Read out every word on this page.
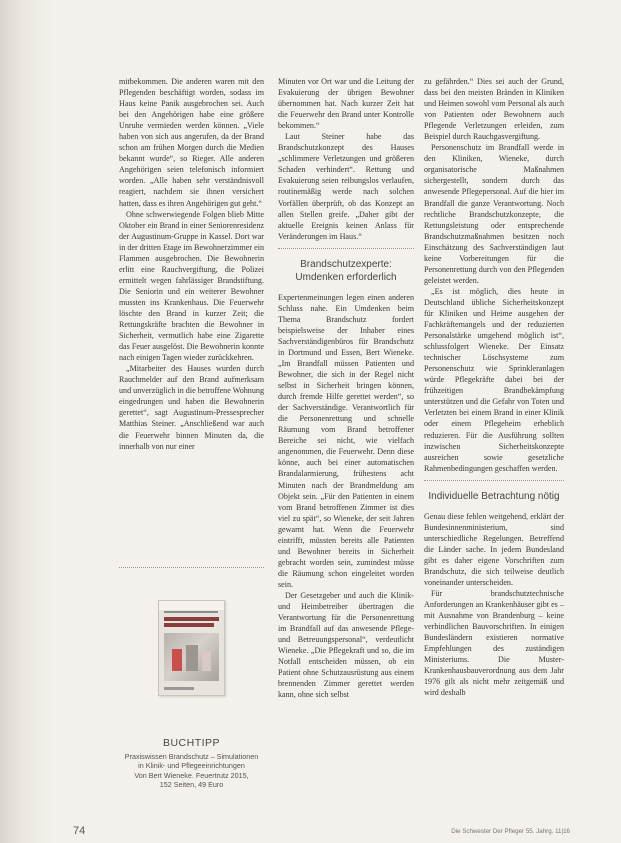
mitbekommen. Die anderen waren mit den Pflegenden beschäftigt worden, sodass im Haus keine Panik ausgebrochen sei. Auch bei den Angehörigen habe eine größere Unruhe vermieden werden können. „Viele haben von sich aus angerufen, da der Brand schon am frühen Morgen durch die Medien bekannt wurde“, so Rieger. Alle anderen Angehörigen seien telefonisch informiert worden. „Alle haben sehr verständnisvoll reagiert, nachdem sie ihnen versichert hatten, dass es ihren Angehörigen gut geht.“

Ohne schwerwiegende Folgen blieb Mitte Oktober ein Brand in einer Seniorenresidenz der Augustinum-Gruppe in Kassel. Dort war in der dritten Etage im Bewohnerzimmer ein Flammen ausgebrochen. Die Bewohnerin erlitt eine Rauchvergiftung, die Polizei ermittelt wegen fahrlässiger Brandstiftung. Die Seniorin und ein weiterer Bewohner mussten ins Krankenhaus. Die Feuerwehr löschte den Brand in kurzer Zeit; die Rettungskräfte brachten die Bewohner in Sicherheit, vermutlich habe eine Zigarette das Feuer ausgelöst. Die Bewohnerin konnte nach einigen Tagen wieder zurückkehren.

„Mitarbeiter des Hauses wurden durch Rauchmelder auf den Brand aufmerksam und unverzüglich in die betroffene Wohnung eingedrungen und haben die Bewohnerin gerettet“, sagt Augustinum-Pressesprecher Matthias Steiner. „Anschließend war auch die Feuerwehr binnen Minuten da, die innerhalb von nur einer

BUCHTIPP
Praxiswissen Brandschutz – Simulationen
in Klinik- und Pflegeeinrichtungen
Von Bert Wieneke. Feuertrutz 2015,
152 Seiten, 49 Euro

Minuten vor Ort war und die Leitung der Evakuierung der übrigen Bewohner übernommen hat. Nach kurzer Zeit hat die Feuerwehr den Brand unter Kontrolle bekommen.“

Laut Steiner habe das Brandschutzkonzept des Hauses „schlimmere Verletzungen und größeren Schaden verhindert“. Rettung und Evakuierung seien reibungslos verlaufen, routinemäßig werde nach solchen Vorfällen überprüft, ob das Konzept an allen Stellen greife. „Daher gibt der aktuelle Ereignis keinen Anlass für Veränderungen im Haus.“

Brandschutzexperte: Umdenken erforderlich

Expertenmeinungen legen einen anderen Schluss nahe. Ein Umdenken beim Thema Brandschutz fordert beispielsweise der Inhaber eines Sachverständigenbüros für Brandschutz in Dortmund und Essen, Bert Wieneke. „Im Brandfall müssen Patienten und Bewohner, die sich in der Regel nicht selbst in Sicherheit bringen können, durch fremde Hilfe gerettet werden“, so der Sachverständige. Verantwortlich für die Personenrettung und schnelle Räumung vom Brand betroffener Bereiche sei nicht, wie vielfach angenommen, die Feuerwehr. Denn diese könne, auch bei einer automatischen Brandalarmierung, frühestens acht Minuten nach der Brandmeldung am Objekt sein. „Für den Patienten in einem vom Brand betroffenen Zimmer ist dies viel zu spät“, so Wieneke, der seit Jahren gewarnt hat. Wenn die Feuerwehr eintrifft, müssten bereits alle Patienten und Bewohner bereits in Sicherheit gebracht worden sein, zumindest müsse die Räumung schon eingeleitet worden sein.

Der Gesetzgeber und auch die Klinik- und Heimbetreiber übertragen die Verantwortung für die Personenrettung im Brandfall auf das anwesende Pflege- und Betreuungspersonal“, verdeutlicht Wieneke. „Die Pflegekraft und so, die im Notfall entscheiden müssen, ob ein Patient ohne Schutzausrüstung aus einem brennenden Zimmer gerettet werden kann, ohne sich selbst

zu gefährden.“ Dies sei auch der Grund, dass bei den meisten Bränden in Kliniken und Heimen sowohl vom Personal als auch von Patienten oder Bewohnern auch Pflegende Verletzungen erleiden, zum Beispiel durch Rauchgasvergiftung.

Personenschutz im Brandfall werde in den Kliniken, Wieneke, durch organisatorische Maßnahmen sichergestellt, sondern durch das anwesende Pflegepersonal. Auf die hier im Brandfall die ganze Verantwortung. Noch rechtliche Brandschutzkonzepte, die Rettungsleistung oder entsprechende Brandschutzmaßnahmen besitzen noch Einschätzung des Sachverständigen laut keine Vorbereitungen für die Personenrettung durch von den Pflegenden geleistet werden.

„Es ist möglich, dies heute in Deutschland übliche Sicherheitskonzept für Kliniken und Heime ausgehen der Fachkräftemangels und der reduzierten Personalstärke umgehend möglich ist“, schlussfolgert Wieneke. Der Einsatz technischer Löschsysteme zum Personenschutz wie Sprinkleranlagen würde Pflegekräfte dabei bei der frühzeitigen Brandbekämpfung unterstützen und die Gefahr von Toten und Verletzten bei einem Brand in einer Klinik oder einem Pflegeheim erheblich reduzieren. Für die Ausführung sollten inzwischen Sicherheitskonzepte ausreichen sowie gesetzliche Rahmenbedingungen geschaffen werden.

Individuelle Betrachtung nötig

Genau diese fehlen weitgehend, erklärt der Bundesinnenministerium, sind unterschiedliche Regelungen. Betreffend die Länder sache. In jedem Bundesland gibt es daher eigene Vorschriften zum Brandschutz, die sich teilweise deutlich voneinander unterscheiden.

Für brandschutztechnische Anforderungen an Krankenhäuser gibt es – mit Ausnahme von Brandenburg – keine verbindlichen Bauvorschriften. In einigen Bundesländern existieren normative Empfehlungen des zuständigen Ministeriums. Die Muster-Krankenhausbauverordnung aus dem Jahr 1976 gilt als nicht mehr zeitgemäß und wird deshalb

74	Die Schwester Der Pfleger 55. Jahrg. 11|16
